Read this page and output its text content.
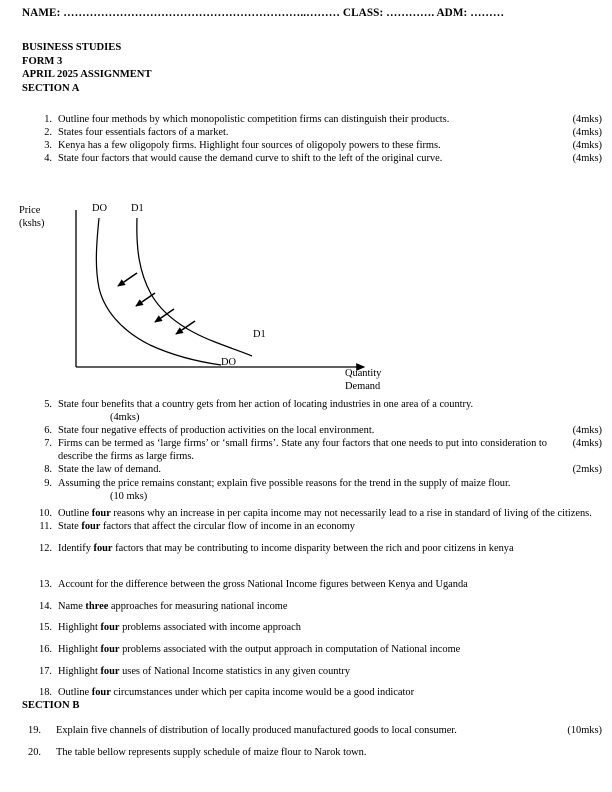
NAME: ………………………………………………………..……… CLASS: …………. ADM: ………
BUSINESS STUDIES
FORM 3
APRIL 2025 ASSIGNMENT
SECTION A
1.	(4mks)
Outline four methods by which monopolistic competition firms can distinguish their products.
2.	(4mks)
States four essentials factors of a market.
3.	(4mks)
Kenya has a few oligopoly firms. Highlight four sources of oligopoly powers to these firms.
4.	(4mks)
State four factors that would cause the demand curve to shift to the left of the original curve.
Price
(kshs)
Quantity
Demand
DO D1
D1
DO
5. State four benefits that a country gets from her action of locating industries in one area of a country.
(4mks)
6.	(4mks)
State four negative effects of production activities on the local environment.
7.	(4mks)
Firms can be termed as ‘large firms’ or ‘small firms’. State any four factors that one needs to put into consideration to describe the firms as large firms.
8.	(2mks)
State the law of demand.
9. Assuming the price remains constant; explain five possible reasons for the trend in the supply of maize flour.
(10 mks)
10. Outline four reasons why an increase in per capita income may not necessarily lead to a rise in standard of living of the citizens.
11. State four factors that affect the circular flow of income in an economy
12. Identify four factors that may be contributing to income disparity between the rich and poor citizens in kenya
13. Account for the difference between the gross National Income figures between Kenya and Uganda
14. Name three approaches for measuring national income
15. Highlight four problems associated with income approach
16. Highlight four problems associated with the output approach in computation of National income
17. Highlight four uses of National Income statistics in any given country
18. Outline four circumstances under which per capita income would be a good indicator
SECTION B
19.	(10mks)
Explain five channels of distribution of locally produced manufactured goods to local consumer.
20.	The table bellow represents supply schedule of maize flour to Narok town.
